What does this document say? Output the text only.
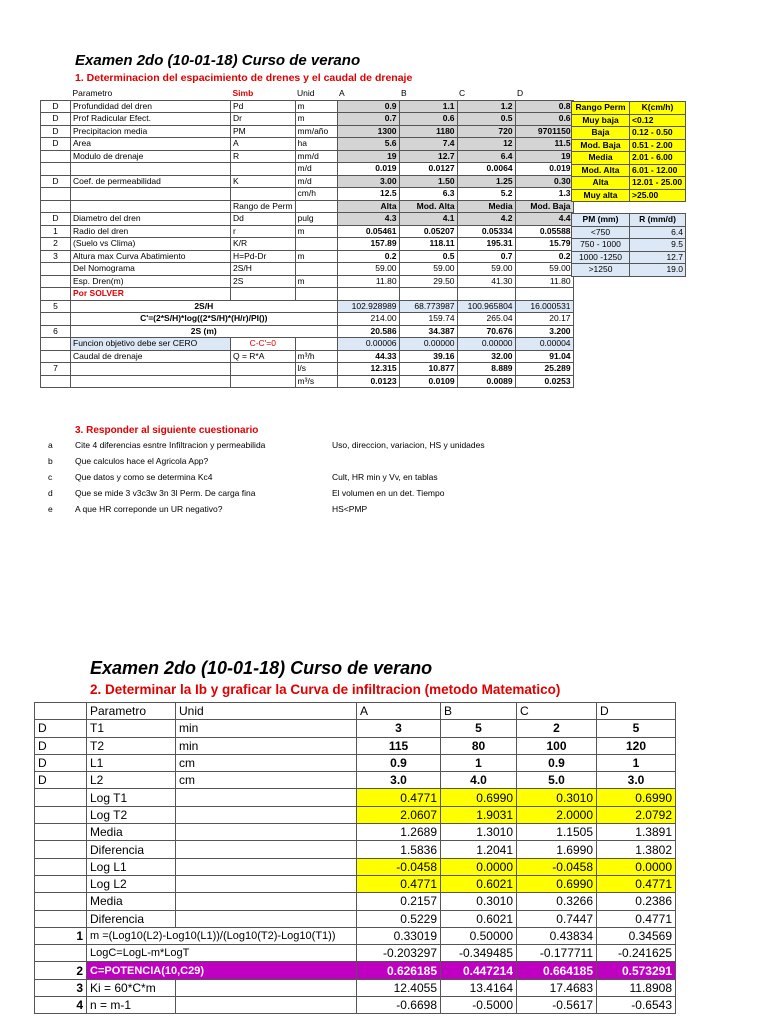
Examen 2do (10-01-18) Curso de verano
1. Determinacion del espacimiento de drenes y el caudal de drenaje
	Parametro	Simb	Unid	A	B	C	D
D	Profundidad del dren	Pd	m	0.9	1.1	1.2	0.8
D	Prof Radicular Efect.	Dr	m	0.7	0.6	0.5	0.6
D	Precipitacion media	PM	mm/año	1300	1180	720	9701150
D	Area	A	ha	5.6	7.4	12	11.5
	Modulo de drenaje	R	mm/d	19	12.7	6.4	19
			m/d	0.019	0.0127	0.0064	0.019
D	Coef. de permeabilidad	K	m/d	3.00	1.50	1.25	0.30
			cm/h	12.5	6.3	5.2	1.3
		Rango de Perm		Alta	Mod. Alta	Media	Mod. Baja
D	Diametro del dren	Dd	pulg	4.3	4.1	4.2	4.4
1	Radio del dren	r	m	0.05461	0.05207	0.05334	0.05588
2	(Suelo vs Clima)	K/R		157.89	118.11	195.31	15.79
3	Altura max Curva Abatimiento	H=Pd-Dr	m	0.2	0.5	0.7	0.2
	Del Nomograma	2S/H		59.00	59.00	59.00	59.00
	Esp. Dren(m)	2S	m	11.80	29.50	41.30	11.80
	Por SOLVER						
5	2S/H			102.928989	68.773987	100.965804	16.000531
	C'=(2*S/H)*log((2*S/H)*(H/r)/PI())			214.00	159.74	265.04	20.17
6	2S (m)			20.586	34.387	70.676	3.200
	Funcion objetivo debe ser CERO	C-C'=0		0.00006	0.00000	0.00000	0.00004
	Caudal de drenaje	Q = R*A	m³/h	44.33	39.16	32.00	91.04
7			l/s	12.315	10.877	8.889	25.289
			m³/s	0.0123	0.0109	0.0089	0.0253
Rango Perm	K(cm/h)
Muy baja	<0.12
Baja	0.12 - 0.50
Mod. Baja	0.51 - 2.00
Media	2.01 - 6.00
Mod. Alta	6.01 - 12.00
Alta	12.01 - 25.00
Muy alta	>25.00
PM (mm)	R (mm/d)
<750	6.4
750 - 1000	9.5
1000 -1250	12.7
>1250	19.0
3. Responder al siguiente cuestionario
a	Cite 4 diferencias esntre Infiltracion y permeabilida	Uso, direccion, variacion, HS y unidades
b	Que calculos hace el Agricola App?
c	Que datos y como se determina Kc4	Cult, HR min y Vv, en tablas
d	Que se mide 3 v3c3w 3n 3l Perm. De carga fina	El volumen en un det. Tiempo
e	A que HR correponde un UR negativo?	HS<PMP
Examen 2do (10-01-18) Curso de verano
2. Determinar la Ib y graficar la Curva de infiltracion (metodo Matematico)
	Parametro	Unid	A	B	C	D
D	T1	min	3	5	2	5
D	T2	min	115	80	100	120
D	L1	cm	0.9	1	0.9	1
D	L2	cm	3.0	4.0	5.0	3.0
	Log T1		0.4771	0.6990	0.3010	0.6990
	Log T2		2.0607	1.9031	2.0000	2.0792
	Media		1.2689	1.3010	1.1505	1.3891
	Diferencia		1.5836	1.2041	1.6990	1.3802
	Log L1		-0.0458	0.0000	-0.0458	0.0000
	Log L2		0.4771	0.6021	0.6990	0.4771
	Media		0.2157	0.3010	0.3266	0.2386
	Diferencia		0.5229	0.6021	0.7447	0.4771
1	m =(Log10(L2)-Log10(L1))/(Log10(T2)-Log10(T1))		0.33019	0.50000	0.43834	0.34569
	LogC=LogL-m*LogT		-0.203297	-0.349485	-0.177711	-0.241625
2	C=POTENCIA(10,C29)		0.626185	0.447214	0.664185	0.573291
3	Ki = 60*C*m		12.4055	13.4164	17.4683	11.8908
4	n = m-1		-0.6698	-0.5000	-0.5617	-0.6543
